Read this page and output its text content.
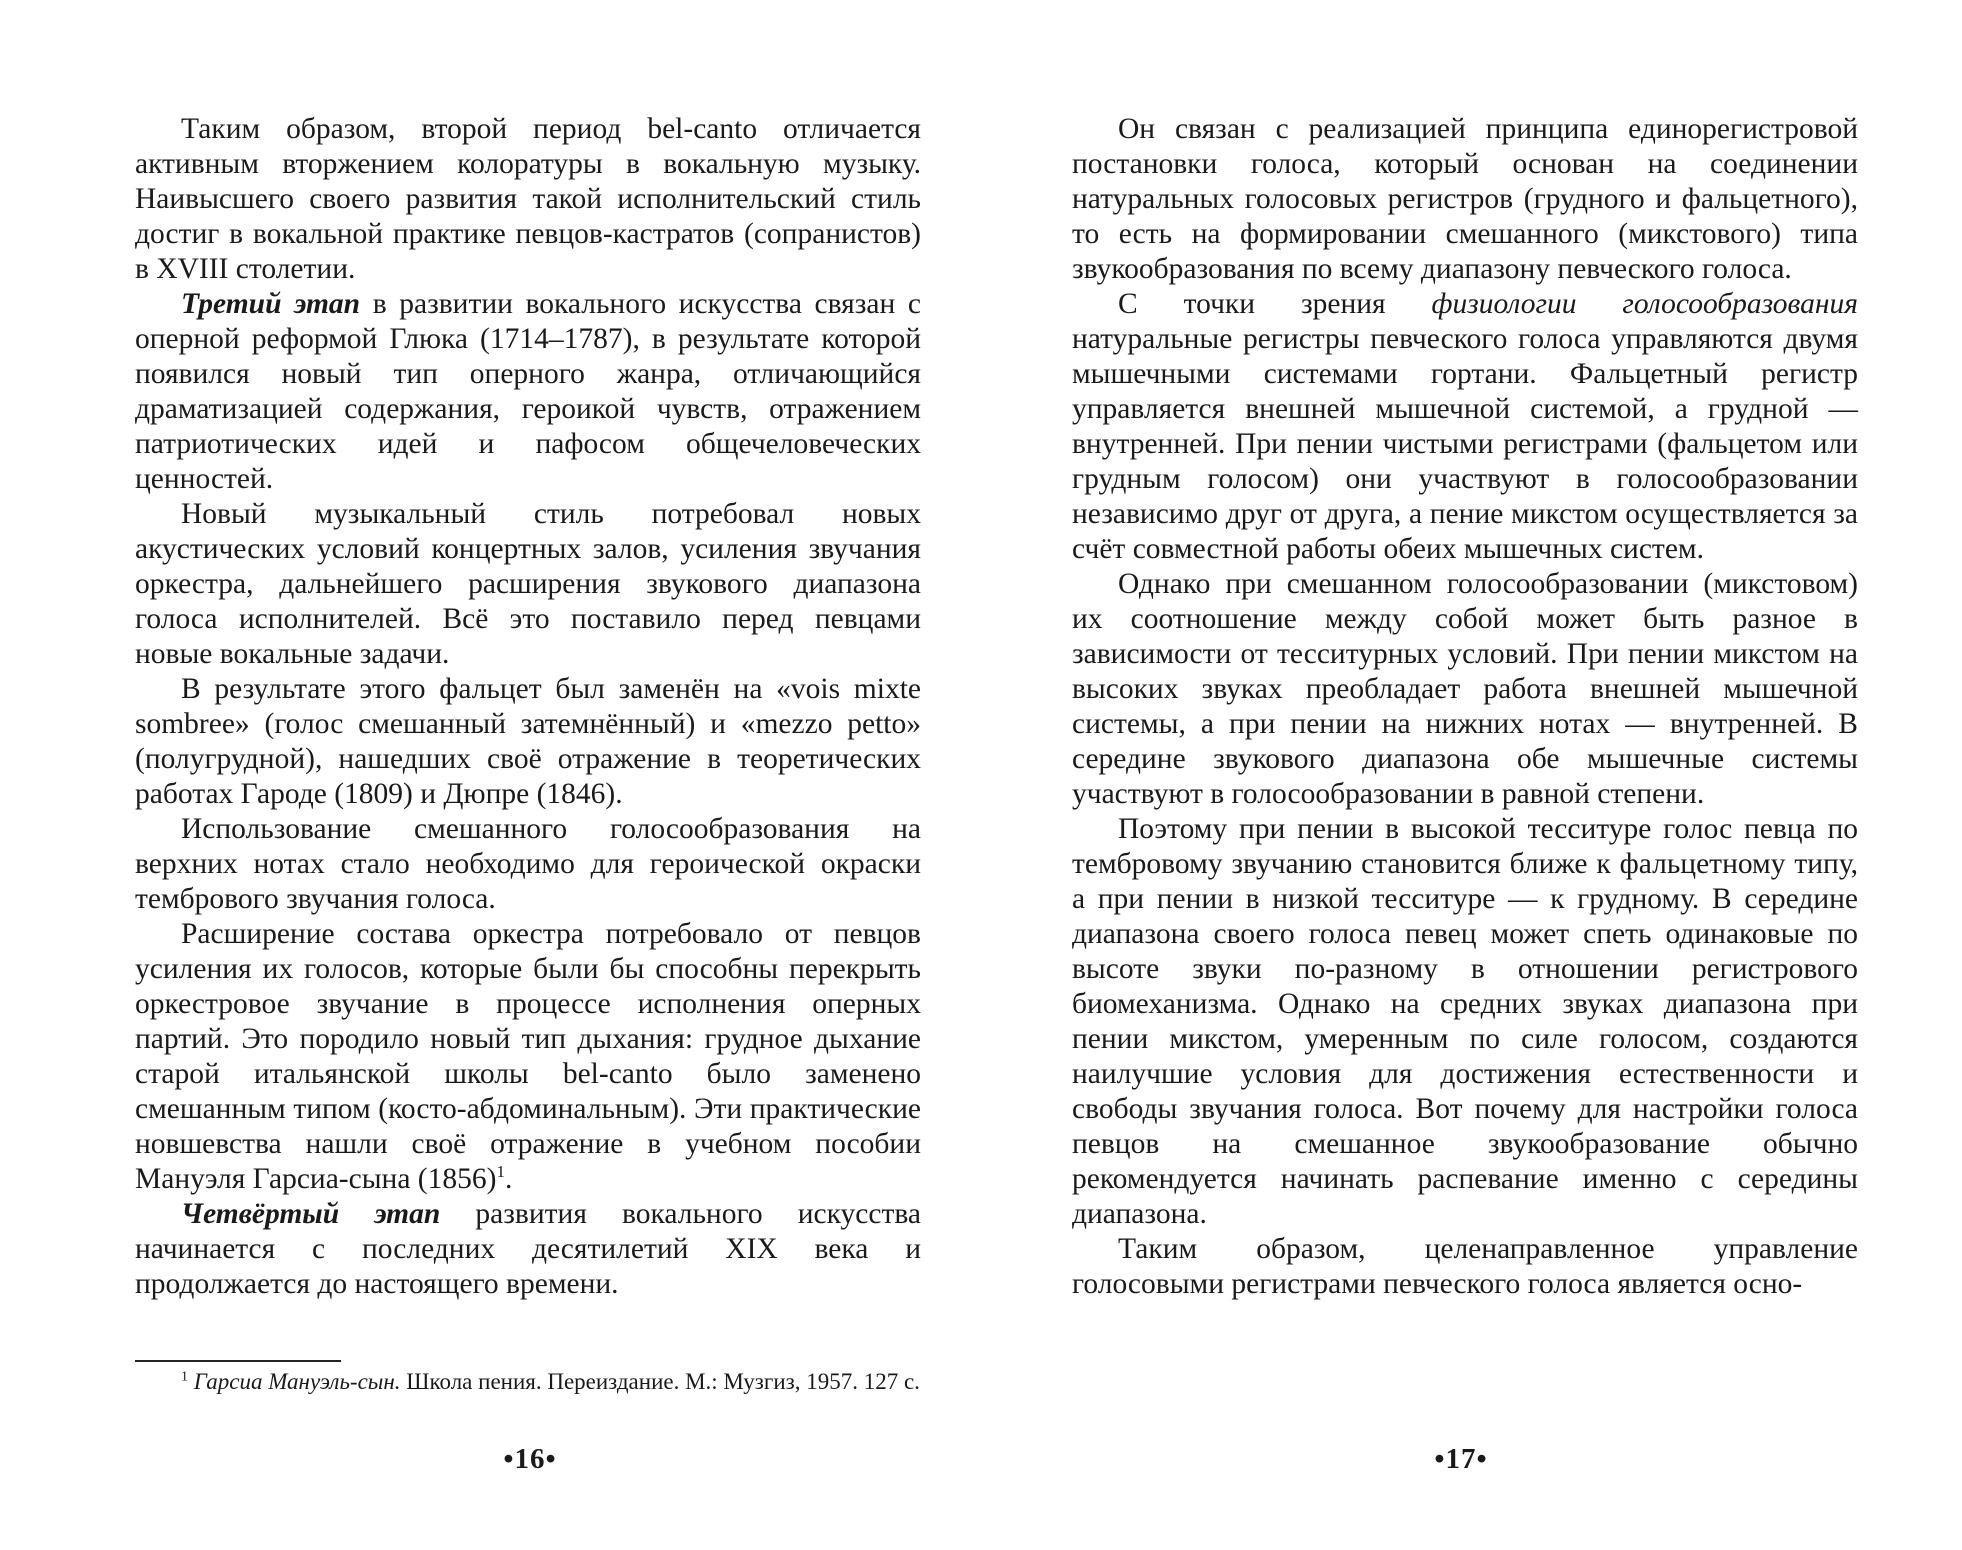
Таким образом, второй период bel-canto отличается активным вторжением колоратуры в вокальную музыку. Наивысшего своего развития такой исполнительский стиль достиг в вокальной практике певцов-кастратов (сопранистов) в XVIII столетии.

Третий этап в развитии вокального искусства связан с оперной реформой Глюка (1714–1787), в результате которой появился новый тип оперного жанра, отличающийся драматизацией содержания, героикой чувств, отражением патриотических идей и пафосом общечеловеческих ценностей.

Новый музыкальный стиль потребовал новых акустических условий концертных залов, усиления звучания оркестра, дальнейшего расширения звукового диапазона голоса исполнителей. Всё это поставило перед певцами новые вокальные задачи.

В результате этого фальцет был заменён на «vois mixte sombree» (голос смешанный затемнённый) и «mezzo petto» (полугрудной), нашедших своё отражение в теоретических работах Гароде (1809) и Дюпре (1846).

Использование смешанного голосообразования на верхних нотах стало необходимо для героической окраски тембрового звучания голоса.

Расширение состава оркестра потребовало от певцов усиления их голосов, которые были бы способны перекрыть оркестровое звучание в процессе исполнения оперных партий. Это породило новый тип дыхания: грудное дыхание старой итальянской школы bel-canto было заменено смешанным типом (косто-абдоминальным). Эти практические новшевства нашли своё отражение в учебном пособии Мануэля Гарсиа-сына (1856)$^1$.

Четвёртый этап развития вокального искусства начинается с последних десятилетий XIX века и продолжается до настоящего времени.

$^1$ Гарсиа Мануэль-сын. Школа пения. Переиздание. М.: Музгиз, 1957. 127 с.

•16•

Он связан с реализацией принципа единорегистровой постановки голоса, который основан на соединении натуральных голосовых регистров (грудного и фальцетного), то есть на формировании смешанного (микстового) типа звукообразования по всему диапазону певческого голоса.

С точки зрения физиологии голосообразования натуральные регистры певческого голоса управляются двумя мышечными системами гортани. Фальцетный регистр управляется внешней мышечной системой, а грудной — внутренней. При пении чистыми регистрами (фальцетом или грудным голосом) они участвуют в голосообразовании независимо друг от друга, а пение микстом осуществляется за счёт совместной работы обеих мышечных систем.

Однако при смешанном голосообразовании (микстовом) их соотношение между собой может быть разное в зависимости от тесситурных условий. При пении микстом на высоких звуках преобладает работа внешней мышечной системы, а при пении на нижних нотах — внутренней. В середине звукового диапазона обе мышечные системы участвуют в голосообразовании в равной степени.

Поэтому при пении в высокой тесситуре голос певца по тембровому звучанию становится ближе к фальцетному типу, а при пении в низкой тесситуре — к грудному. В середине диапазона своего голоса певец может спеть одинаковые по высоте звуки по-разному в отношении регистрового биомеханизма. Однако на средних звуках диапазона при пении микстом, умеренным по силе голосом, создаются наилучшие условия для достижения естественности и свободы звучания голоса. Вот почему для настройки голоса певцов на смешанное звукообразование обычно рекомендуется начинать распевание именно с середины диапазона.

Таким образом, целенаправленное управление голосовыми регистрами певческого голоса является осно-

•17•
